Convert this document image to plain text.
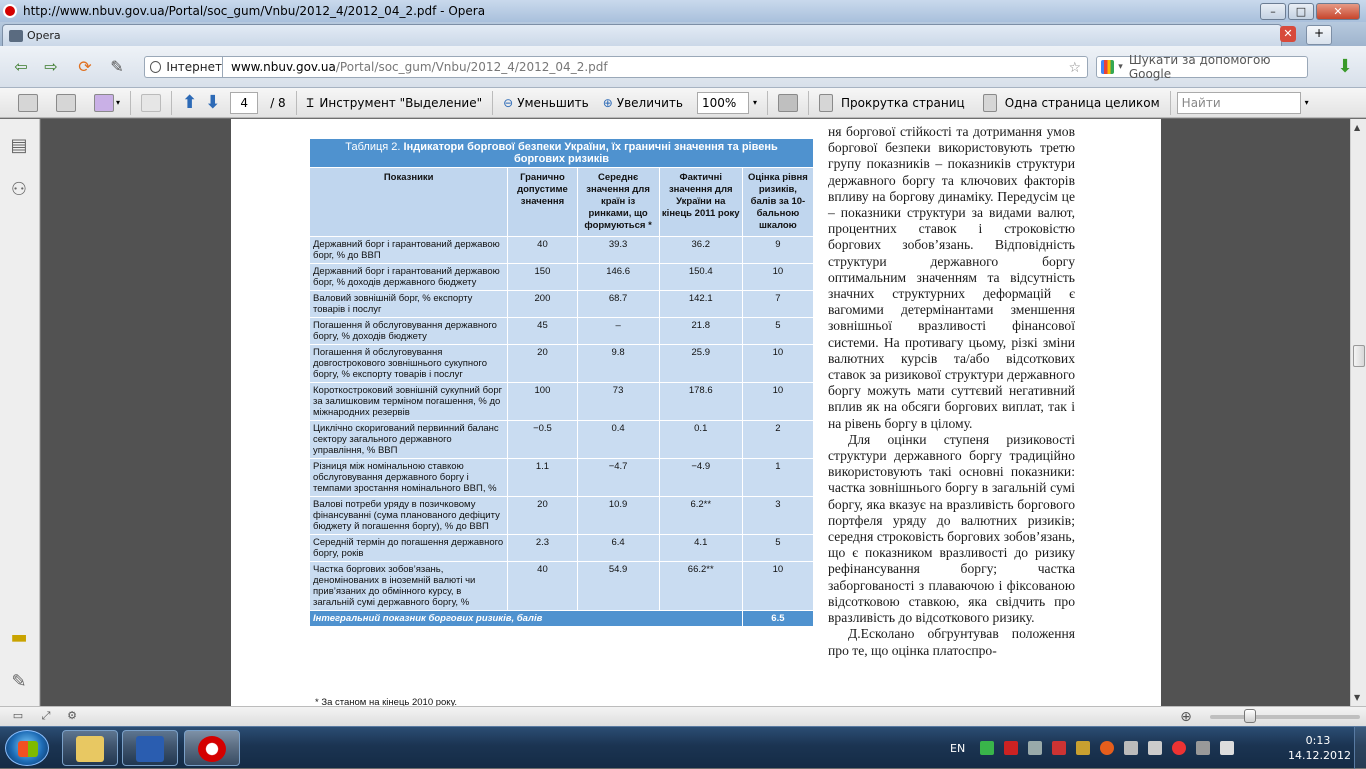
http://www.nbuv.gov.ua/Portal/soc_gum/Vnbu/2012_4/2012_04_2.pdf - Opera	–	□	✕
Opera	✕	+
⇦	⇨	⟳	✎	Інтернет www.nbuv.gov.ua/Portal/soc_gum/Vnbu/2012_4/2012_04_2.pdf	☆	▾ Шукати за допомогою Google	⬇
▾	⬆ ⬇	4	/ 8	Ɪ Инструмент "Выделение" ⊖ Уменьшить ⊕ Увеличить	100%	▾	Прокрутка страниц	Одна страница целиком	Найти	▾
▤
⚇
▬
✎
Таблиця 2. Індикатори боргової безпеки України, їх граничні значення та рівень боргових ризиків				
Показники	Гранично допустиме значення	Середнє значення для країн із ринками, що формуються *	Фактичні значення для України на кінець 2011 року	Оцінка рівня ризиків, балів за 10-бальною шкалою
Державний борг і гарантований державою борг, % до ВВП	40	39.3	36.2	9
Державний борг і гарантований державою борг, % доходів державного бюджету	150	146.6	150.4	10
Валовий зовнішній борг, % експорту товарів і послуг	200	68.7	142.1	7
Погашення й обслуговування державного боргу, % доходів бюджету	45	–	21.8	5
Погашення й обслуговування довгострокового зовнішнього сукупного боргу, % експорту товарів і послуг	20	9.8	25.9	10
Короткостроковий зовнішній сукупний борг за залишковим терміном погашення, % до міжнародних резервів	100	73	178.6	10
Циклічно скоригований первинний баланс сектору загального державного управління, % ВВП	−0.5	0.4	0.1	2
Різниця між номінальною ставкою обслуговування державного боргу і темпами зростання номінального ВВП, %	1.1	−4.7	−4.9	1
Валові потреби уряду в позичковому фінансуванні (сума планованого дефіциту бюджету й погашення боргу), % до ВВП	20	10.9	6.2**	3
Середній термін до погашення державного боргу, років	2.3	6.4	4.1	5
Частка боргових зобов’язань, деномінованих в іноземній валюті чи прив’язаних до обмінного курсу, в загальній сумі державного боргу, %	40	54.9	66.2**	10
Інтегральний показник боргових ризиків, балів				6.5
* За станом на кінець 2010 року.

ня боргової стійкості та дотримання умов боргової безпеки використовують третю групу показників – показників структури державного боргу та ключових факторів впливу на боргову динаміку. Передусім це – показники структури за видами валют, процентних ставок і строковістю боргових зобов’язань. Відповідність структури державного боргу оптимальним значенням та відсутність значних структурних деформацій є вагомими детермінантами зменшення зовнішньої вразливості фінансової системи. На противагу цьому, різкі зміни валютних курсів та/або відсоткових ставок за ризикової структури державного боргу можуть мати суттєвий негативний вплив як на обсяги боргових виплат, так і на рівень боргу в цілому.

Для оцінки ступеня ризиковості структури державного боргу традиційно використовують такі основні показники: частка зовнішнього боргу в загальній сумі боргу, яка вказує на вразливість боргового портфеля уряду до валютних ризиків; середня строковість боргових зобов’язань, що є показником вразливості до ризику рефінансування боргу; частка заборгованості з плаваючою і фіксованою відсотковою ставкою, яка свідчить про вразливість до відсоткового ризику.

Д.Есколано обгрунтував положення про те, що оцінка платоспро-

▲
▼
▭	⤢	⚙	⊕
EN
0:13
14.12.2012
